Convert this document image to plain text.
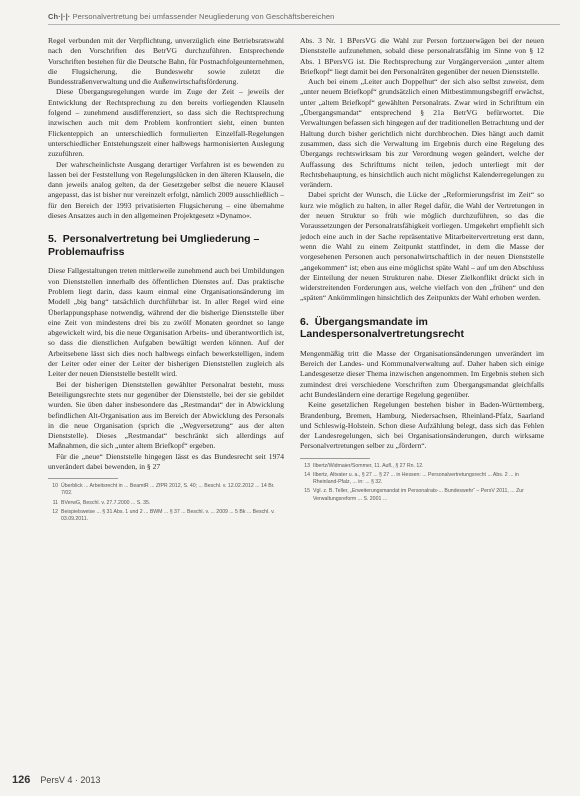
Ch·|·|· Personalvertretung bei umfassender Neugliederung von Geschäftsbereichen

Regel verbunden mit der Verpflichtung, unverzüglich eine Betriebsratswahl nach den Vorschriften des BetrVG durchzuführen. Entsprechende Vorschriften bestehen für die Deutsche Bahn, für Postnachfolgeunternehmen, die Flugsicherung, die Bundeswehr sowie zuletzt die Bundesstraßenverwaltung und die Außenwirtschaftsförderung.

Diese Übergangsregelungen wurde im Zuge der Zeit – jeweils der Entwicklung der Rechtsprechung zu den bereits vorliegenden Klauseln folgend – zunehmend ausdifferenziert, so dass sich die Rechtsprechung inzwischen auch mit dem Problem konfrontiert sieht, einen bunten Flickenteppich an unterschiedlich formulierten Einzelfall-Regelungen unterschiedlicher Entstehungszeit einer halbwegs harmonisierten Auslegung zuzuführen.

Der wahrscheinlichste Ausgang derartiger Verfahren ist es bewenden zu lassen bei der Feststellung von Regelungslücken in den älteren Klauseln, die dann jeweils analog gelten, da der Gesetzgeber selbst die neuere Klausel angepasst, das ist bisher nur vereinzelt erfolgt, nämlich 2009 ausschließlich – für den Bereich der 1993 privatisierten Flugsicherung – eine übernahme dieses Ansatzes auch in den allgemeinen Projektgesetz »Dynamo«.

5. Personalvertretung bei Umgliederung – Problemaufriss

Diese Fallgestaltungen treten mittlerweile zunehmend auch bei Umbildungen von Dienststellen innerhalb des öffentlichen Dienstes auf. Das praktische Problem liegt darin, dass kaum einmal eine Organisationsänderung im Modell „big bang“ tatsächlich durchführbar ist. In aller Regel wird eine Überlappungsphase notwendig, während der die bisherige Dienststelle über eine Zeit von mindestens drei bis zu zwölf Monaten geordnet so lange abgewickelt wird, bis die neue Organisation Arbeits- und überantwortlich ist, so dass die dienstlichen Aufgaben bewältigt werden können. Auf der Arbeitsebene lässt sich dies noch halbwegs einfach bewerkstelligen, indem der Leiter oder einer der Leiter der bisherigen Dienststellen zugleich als Leiter der neuen Dienststelle bestellt wird.

Bei der bisherigen Dienststellen gewählter Personalrat besteht, muss Beteiligungsrechte stets nur gegenüber der Dienststelle, bei der sie gebildet wurden. Sie üben daher insbesondere das „Restmandat“ der in Abwicklung befindlichen Alt-Organisation aus im Bereich der Abwicklung des Personals in die neue Organisation (sprich die „Wegversetzung“ aus der alten Dienststelle). Dieses „Restmandat“ beschränkt sich allerdings auf Maßnahmen, die sich „unter altem Briefkopf“ ergeben.

Für die „neue“ Dienststelle hingegen lässt es das Bundesrecht seit 1974 unverändert dabei bewenden, in § 27

10 Überblick ... Arbeitsrecht in ... BeamtR ... ZfPR 2012, S. 40; ... Beschl. v. 12.02.2012 ... 14 Br. 7/02.
11 BVerwG, Beschl. v. 27.7.2000 ... S. 35.
12 Beispielsweise ... § 31 Abs. 1 und 2 ... BWM ... § 37 ... Beschl. v. ... 2009 ... 5 Bk ... Beschl. v. 03.09.2011.

Abs. 3 Nr. 1 BPersVG die Wahl zur Person fortzuerwägen bei der neuen Dienststelle aufzunehmen, sobald diese personalratsfähig im Sinne von § 12 Abs. 1 BPersVG ist. Die Rechtsprechung zur Vorgängerversion „unter altem Briefkopf“ liegt damit bei den Personalräten gegenüber der neuen Dienststelle.

Auch bei einem „Leiter auch Doppelhut“ der sich also selbst zuweist, dem „unter neuem Briefkopf“ grundsätzlich einen Mitbestimmungsbegriff erwächst, unter „altem Briefkopf“ gewählten Personalrats. Zwar wird in Schrifttum ein „Übergangsmandat“ entsprechend § 21a BetrVG befürwortet. Die Verwaltungen befassen sich hingegen auf der traditionellen Betrachtung und der Haltung durch bisher gerichtlich nicht durchbrochen. Dies hängt auch damit zusammen, dass sich die Verwaltung im Ergebnis durch eine Regelung des Übergangs rechtswirksam bis zur Verordnung wegen geändert, welche der Auffassung des Schrifttums nicht teilen, jedoch unterliegt mit der Rechtsbehauptung, es hinsichtlich auch nicht möglichst Kalenderregelungen zu verändern.

Dabei spricht der Wunsch, die Lücke der „Reformierungsfrist im Zeit“ so kurz wie möglich zu halten, in aller Regel dafür, die Wahl der Vertretungen in der neuen Struktur so früh wie möglich durchzuführen, so das die Voraussetzungen der Personalratsfähigkeit vorliegen. Umgekehrt empfiehlt sich jedoch eine auch in der Sache repräsentative Mitarbeitervertretung erst dann, wenn die Wahl zu einem Zeitpunkt stattfindet, in dem die Masse der vorgesehenen Personen auch personalwirtschaftlich in der neuen Dienststelle „angekommen“ ist; eben aus eine möglichst späte Wahl – auf um den Abschluss der Einteilung der neuen Strukturen nahe. Dieser Zielkonflikt drückt sich in widerstreitenden Forderungen aus, welche vielfach von den „frühen“ und den „späten“ Ankömmlingen hinsichtlich des Zeitpunkts der Wahl erhoben werden.

6. Übergangsmandate im Landespersonalvertretungsrecht

Mengenmäßig tritt die Masse der Organisationsänderungen unverändert im Bereich der Landes- und Kommunalverwaltung auf. Daher haben sich einige Landesgesetze dieser Thema inzwischen angenommen. Im Ergebnis stehen sich zumindest drei verschiedene Vorschriften zum Übergangsmandat gleichfalls acht Bundesländern eine derartige Regelung gegenüber.

Keine gesetzlichen Regelungen bestehen bisher in Baden-Württemberg, Brandenburg, Bremen, Hamburg, Niedersachsen, Rheinland-Pfalz, Saarland und Schleswig-Holstein. Schon diese Aufzählung belegt, dass sich das Fehlen der Landesregelungen, sich bei Organisationsänderungen, durch wirksame Personalvertretungen selber zu „fördern“.

13 Ilbertz/Widmaier/Sommer, 11. Aufl., § 27 Rn. 12.
14 Ilbertz, Altvater u. a., § 27 ... § 27 ... in Hessen: ... Personalvertretungsrecht ... Abs. 2 ... in Rheinland-Pfalz, ... in: ... § 32.
15 Vgl. z. B. Teller, „Erweiterungsmandat im Personalrats-... Bundeswehr“ – PersV 2011, ... Zur Verwaltungsreform ... S. 2001 ...
126 PersV 4 · 2013
